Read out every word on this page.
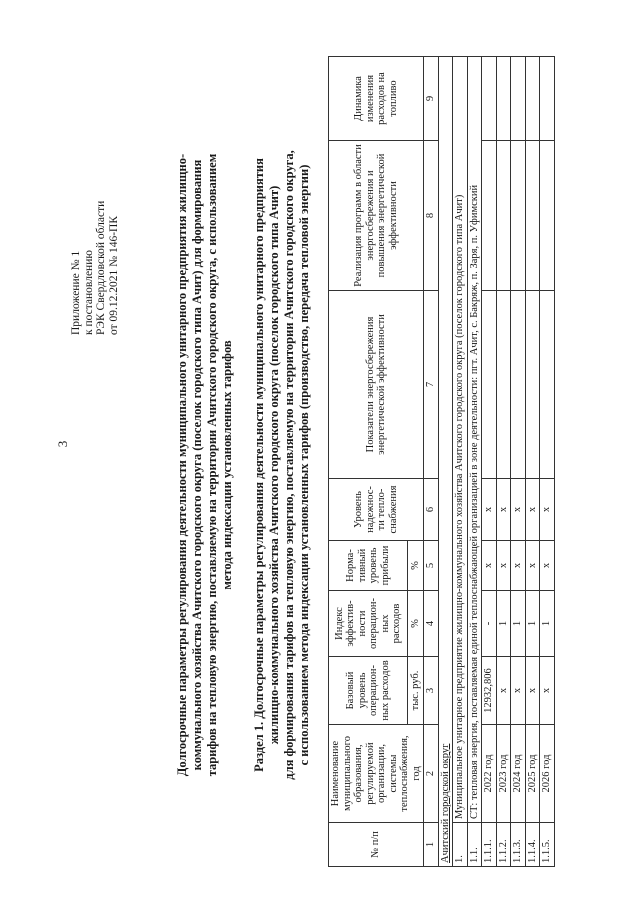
3
Приложение № 1 к постановлению РЭК Свердловской области от 09.12.2021 № 146-ПК	Долгосрочные параметры регулирования деятельности муниципального унитарного предприятия жилищно- коммунального хозяйства Ачитского городского округа (поселок городского типа Ачит) для формирования тарифов на тепловую энергию, поставляемую на территории Ачитского городского округа, с использованием метода индексации установленных тарифов Раздел 1. Долгосрочные параметры регулирования деятельности муниципального унитарного предприятия жилищно-коммунального хозяйства Ачитского городского округа (поселок городского типа Ачит) для формирования тарифов на тепловую энергию, поставляемую на территории Ачитского городского округа, с использованием метода индексации установленных тарифов (производство, передача тепловой энергии)
№ п/п	Наименование муниципального образования, регулируемой организации, системы теплоснабжения, год	Базовый уровень операцион-ных расходов	Индекс эффектив-ности операцион-ных расходов	Норма-тивный уровень прибыли	Уровень надежнос-ти тепло-снабжения	Показатели энергосбережения энергетической эффективности	Реализация программ в области энергосбережения и повышения энергетической эффективности	Динамика изменения расходов на топливо
		тыс. руб.	%	%				
1	2	3	4	5	6	7	8	9
Ачитский городской округ								
1.	Муниципальное унитарное предприятие жилищно-коммунального хозяйства Ачитского городского округа (поселок городского типа Ачит)							
1.1.	СТ: тепловая энергия, поставляемая единой теплоснабжающей организацией в зоне деятельности: пгт. Ачит, с. Бакряж, п. Заря, п. Уфимский							
1.1.1.	2022 год	12932,806	-	x	x			
1.1.2.	2023 год	x	1	x	x			
1.1.3.	2024 год	x	1	x	x			
1.1.4.	2025 год	x	1	x	x			
1.1.5.	2026 год	x	1	x	x			
